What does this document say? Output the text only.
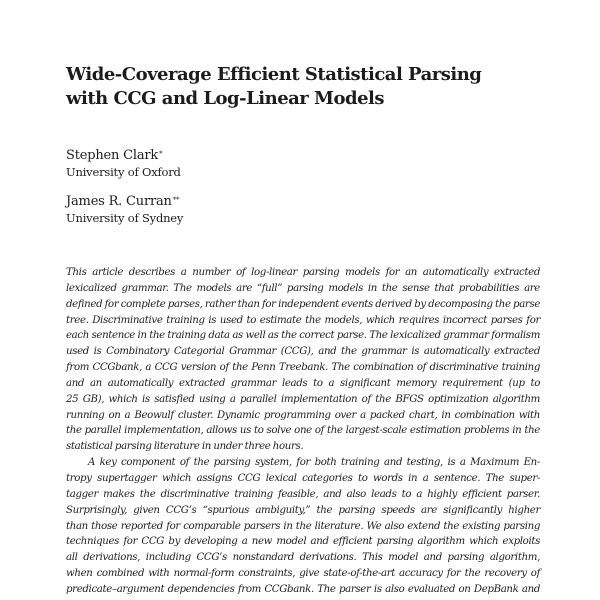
Wide-Coverage Efficient Statistical Parsing
with CCG and Log-Linear Models
Stephen Clark*
University of Oxford
James R. Curran**
University of Sydney
This article describes a number of log-linear parsing models for an automatically extracted
lexicalized grammar. The models are “full” parsing models in the sense that probabilities are
defined for complete parses, rather than for independent events derived by decomposing the parse
tree. Discriminative training is used to estimate the models, which requires incorrect parses for
each sentence in the training data as well as the correct parse. The lexicalized grammar formalism
used is Combinatory Categorial Grammar (CCG), and the grammar is automatically extracted
from CCGbank, a CCG version of the Penn Treebank. The combination of discriminative training
and an automatically extracted grammar leads to a significant memory requirement (up to
25 GB), which is satisfied using a parallel implementation of the BFGS optimization algorithm
running on a Beowulf cluster. Dynamic programming over a packed chart, in combination with
the parallel implementation, allows us to solve one of the largest-scale estimation problems in the
statistical parsing literature in under three hours.
A key component of the parsing system, for both training and testing, is a Maximum En-
tropy supertagger which assigns CCG lexical categories to words in a sentence. The super-
tagger makes the discriminative training feasible, and also leads to a highly efficient parser.
Surprisingly, given CCG’s “spurious ambiguity,” the parsing speeds are significantly higher
than those reported for comparable parsers in the literature. We also extend the existing parsing
techniques for CCG by developing a new model and efficient parsing algorithm which exploits
all derivations, including CCG’s nonstandard derivations. This model and parsing algorithm,
when combined with normal-form constraints, give state-of-the-art accuracy for the recovery of
predicate–argument dependencies from CCGbank. The parser is also evaluated on DepBank and
